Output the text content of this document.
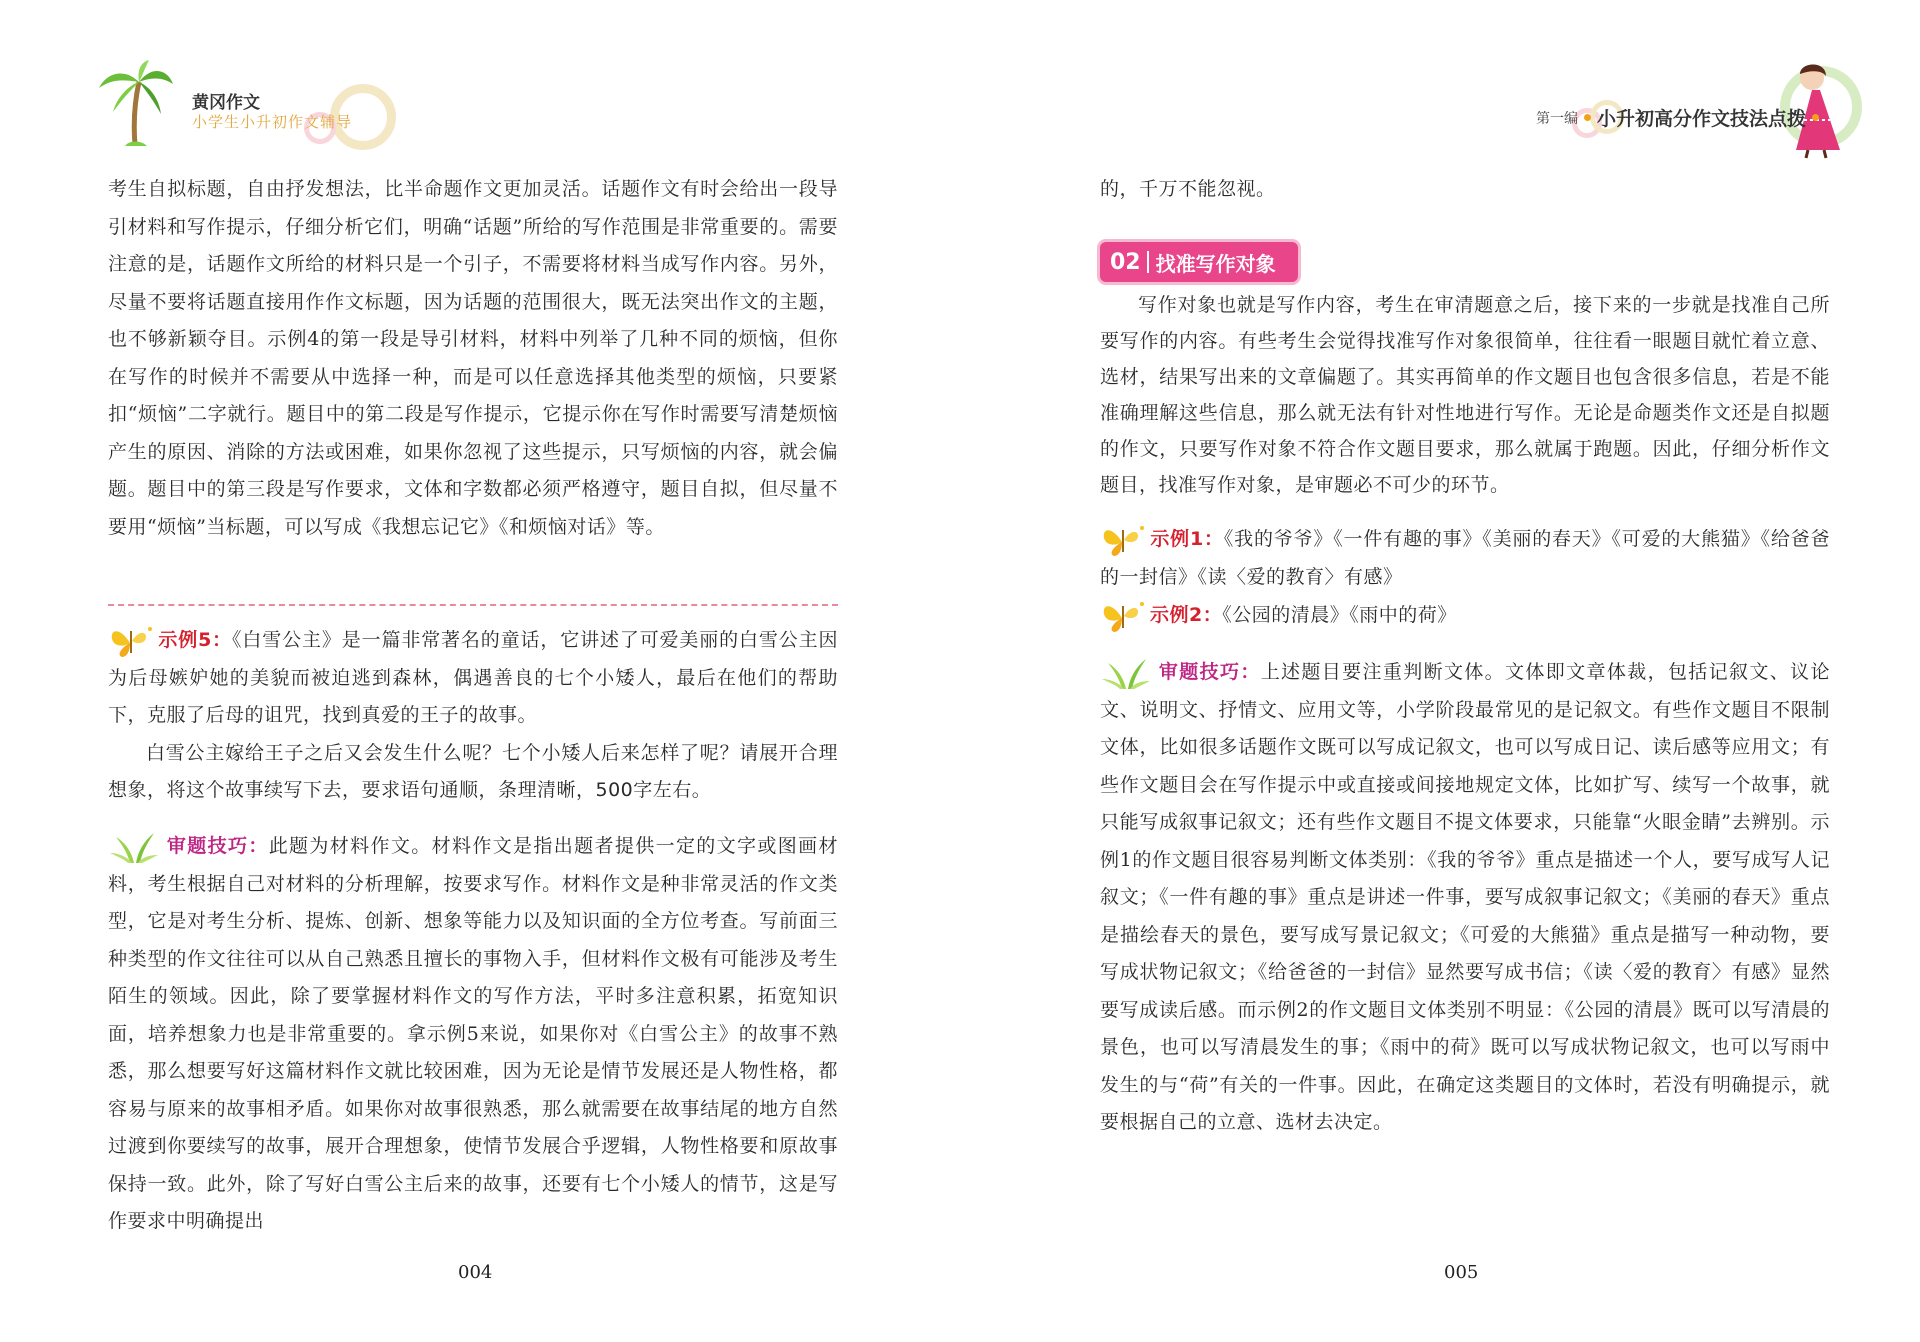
黄冈作文
小学生小升初作文辅导

考生自拟标题，自由抒发想法，比半命题作文更加灵活。话题作文有时会给出一段导引材料和写作提示，仔细分析它们，明确“话题”所给的写作范围是非常重要的。需要注意的是，话题作文所给的材料只是一个引子，不需要将材料当成写作内容。另外，尽量不要将话题直接用作作文标题，因为话题的范围很大，既无法突出作文的主题，也不够新颖夺目。示例4的第一段是导引材料，材料中列举了几种不同的烦恼，但你在写作的时候并不需要从中选择一种，而是可以任意选择其他类型的烦恼，只要紧扣“烦恼”二字就行。题目中的第二段是写作提示，它提示你在写作时需要写清楚烦恼产生的原因、消除的方法或困难，如果你忽视了这些提示，只写烦恼的内容，就会偏题。题目中的第三段是写作要求，文体和字数都必须严格遵守，题目自拟，但尽量不要用“烦恼”当标题，可以写成《我想忘记它》《和烦恼对话》等。

示例5：《白雪公主》是一篇非常著名的童话，它讲述了可爱美丽的白雪公主因为后母嫉妒她的美貌而被迫逃到森林，偶遇善良的七个小矮人，最后在他们的帮助下，克服了后母的诅咒，找到真爱的王子的故事。

白雪公主嫁给王子之后又会发生什么呢？七个小矮人后来怎样了呢？请展开合理想象，将这个故事续写下去，要求语句通顺，条理清晰，500字左右。

审题技巧：此题为材料作文。材料作文是指出题者提供一定的文字或图画材料，考生根据自己对材料的分析理解，按要求写作。材料作文是种非常灵活的作文类型，它是对考生分析、提炼、创新、想象等能力以及知识面的全方位考查。写前面三种类型的作文往往可以从自己熟悉且擅长的事物入手，但材料作文极有可能涉及考生陌生的领域。因此，除了要掌握材料作文的写作方法，平时多注意积累，拓宽知识面，培养想象力也是非常重要的。拿示例5来说，如果你对《白雪公主》的故事不熟悉，那么想要写好这篇材料作文就比较困难，因为无论是情节发展还是人物性格，都容易与原来的故事相矛盾。如果你对故事很熟悉，那么就需要在故事结尾的地方自然过渡到你要续写的故事，展开合理想象，使情节发展合乎逻辑，人物性格要和原故事保持一致。此外，除了写好白雪公主后来的故事，还要有七个小矮人的情节，这是写作要求中明确提出

004
第一编 小升初高分作文技法点拨

的，千万不能忽视。

02 找准写作对象

写作对象也就是写作内容，考生在审清题意之后，接下来的一步就是找准自己所要写作的内容。有些考生会觉得找准写作对象很简单，往往看一眼题目就忙着立意、选材，结果写出来的文章偏题了。其实再简单的作文题目也包含很多信息，若是不能准确理解这些信息，那么就无法有针对性地进行写作。无论是命题类作文还是自拟题的作文，只要写作对象不符合作文题目要求，那么就属于跑题。因此，仔细分析作文题目，找准写作对象，是审题必不可少的环节。

示例1：《我的爷爷》《一件有趣的事》《美丽的春天》《可爱的大熊猫》《给爸爸的一封信》《读〈爱的教育〉有感》

示例2：《公园的清晨》《雨中的荷》

审题技巧：上述题目要注重判断文体。文体即文章体裁，包括记叙文、议论文、说明文、抒情文、应用文等，小学阶段最常见的是记叙文。有些作文题目不限制文体，比如很多话题作文既可以写成记叙文，也可以写成日记、读后感等应用文；有些作文题目会在写作提示中或直接或间接地规定文体，比如扩写、续写一个故事，就只能写成叙事记叙文；还有些作文题目不提文体要求，只能靠“火眼金睛”去辨别。示例1的作文题目很容易判断文体类别：《我的爷爷》重点是描述一个人，要写成写人记叙文；《一件有趣的事》重点是讲述一件事，要写成叙事记叙文；《美丽的春天》重点是描绘春天的景色，要写成写景记叙文；《可爱的大熊猫》重点是描写一种动物，要写成状物记叙文；《给爸爸的一封信》显然要写成书信；《读〈爱的教育〉有感》显然要写成读后感。而示例2的作文题目文体类别不明显：《公园的清晨》既可以写清晨的景色，也可以写清晨发生的事；《雨中的荷》既可以写成状物记叙文，也可以写雨中发生的与“荷”有关的一件事。因此，在确定这类题目的文体时，若没有明确提示，就要根据自己的立意、选材去决定。

005
